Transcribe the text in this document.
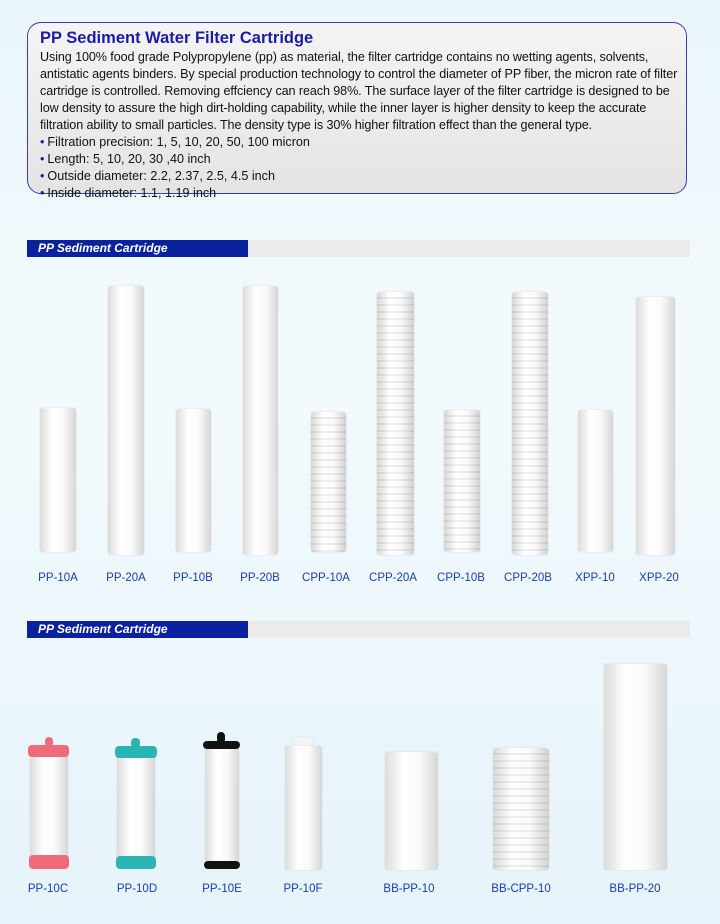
PP Sediment Water Filter Cartridge

Using 100% food grade Polypropylene (pp) as material, the filter cartridge contains no wetting agents, solvents, antistatic agents binders. By special production technology to control the diameter of PP fiber, the micron rate of filter cartridge is controlled. Removing effciency can reach 98%. The surface layer of the filter cartridge is designed to be low density to assure the high dirt-holding capability, while the inner layer is higher density to keep the accurate filtration ability to small particles. The density type is 30% higher filtration effect than the general type.

• Filtration precision: 1, 5, 10, 20, 50, 100 micron
• Length: 5, 10, 20, 30 ,40 inch
• Outside diameter: 2.2, 2.37, 2.5, 4.5 inch
• Inside diameter: 1.1, 1.19 inch
PP Sediment Cartridge
PP-10A	PP-20A	PP-10B	PP-20B	CPP-10A	CPP-20A	CPP-10B	CPP-20B	XPP-10	XPP-20
PP Sediment Cartridge
PP-10C	PP-10D	PP-10E	PP-10F	BB-PP-10	BB-CPP-10	BB-PP-20
